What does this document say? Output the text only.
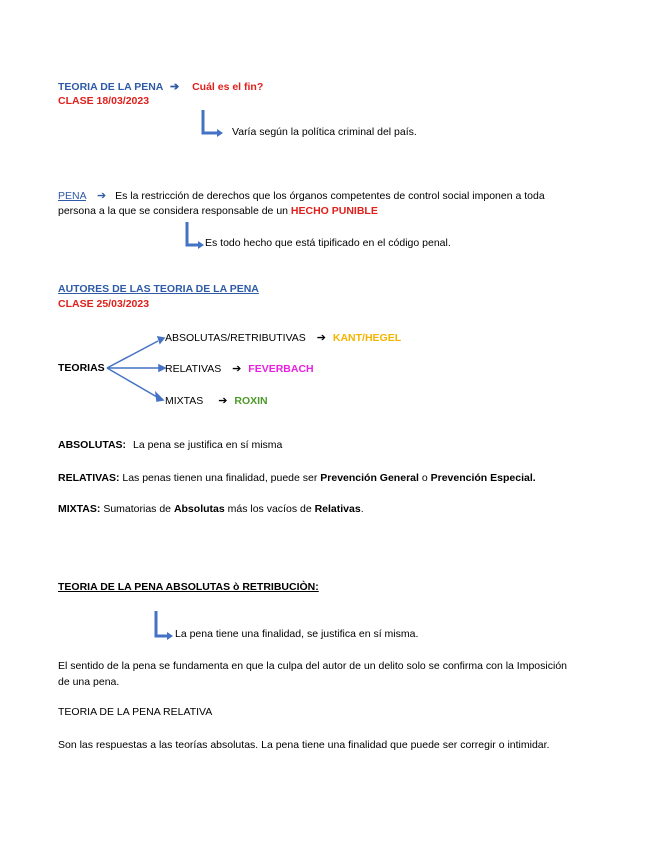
TEORIA DE LA PENA ➔ Cuál es el fin?
CLASE 18/03/2023
Varía según la política criminal del país.
PENA ➔ Es la restricción de derechos que los órganos competentes de control social imponen a toda
persona a la que se considera responsable de un HECHO PUNIBLE
Es todo hecho que está tipificado en el código penal.
AUTORES DE LAS TEORIA DE LA PENA
CLASE 25/03/2023
TEORIAS
ABSOLUTAS/RETRIBUTIVAS ➔ KANT/HEGEL
RELATIVAS ➔ FEVERBACH
MIXTAS ➔ ROXIN
ABSOLUTAS: La pena se justifica en sí misma
RELATIVAS: Las penas tienen una finalidad, puede ser Prevención General o Prevención Especial.
MIXTAS: Sumatorias de Absolutas más los vacíos de Relativas.
TEORIA DE LA PENA ABSOLUTAS ò RETRIBUCIÒN:
La pena tiene una finalidad, se justifica en sí misma.
El sentido de la pena se fundamenta en que la culpa del autor de un delito solo se confirma con la Imposición de una pena.
TEORIA DE LA PENA RELATIVA
Son las respuestas a las teorías absolutas. La pena tiene una finalidad que puede ser corregir o intimidar.
